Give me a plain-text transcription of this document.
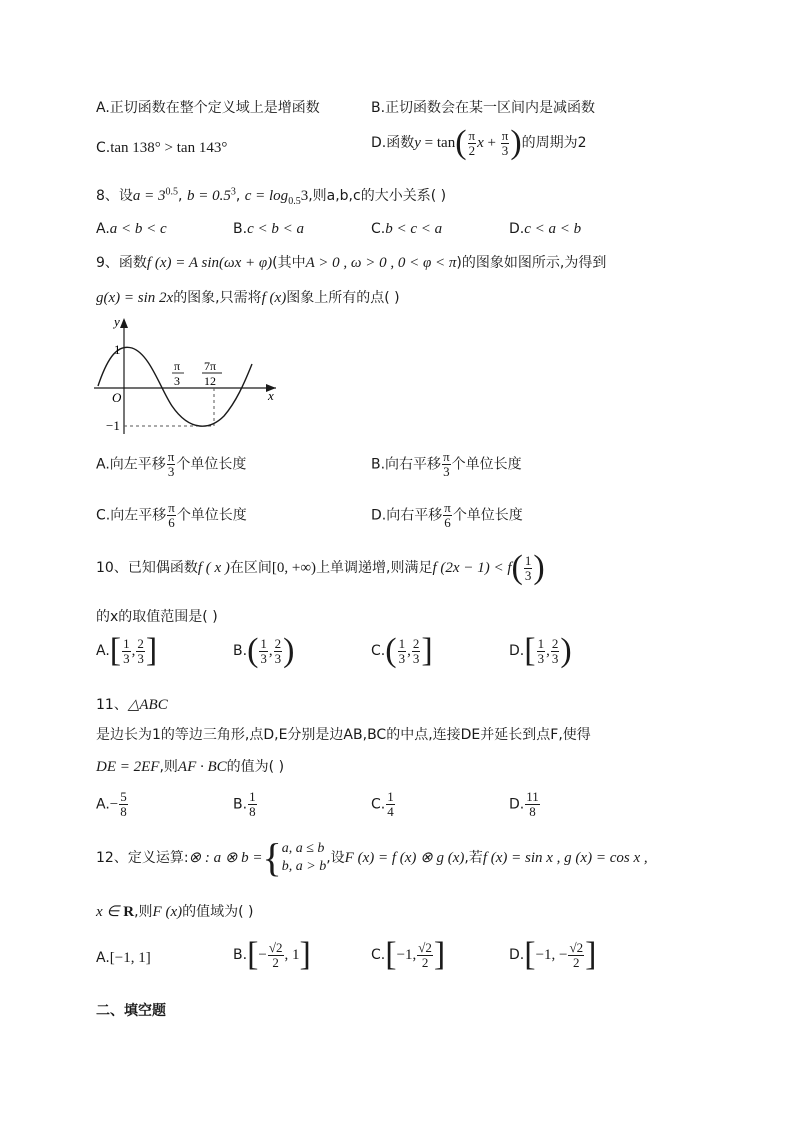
A.正切函数在整个定义域上是增函数	B.正切函数会在某一区间内是减函数
C.tan 138° > tan 143°	D.函数$y = \tan( \frac{\pi}{2}$ $x + \frac{\pi}{3}$ )的周期为2
8、设$a = 3^{0.5}$, $b = 0.5^3$, $c = \log_{0.5}3$,则a,b,c的大小关系( )
A.a < b < c	B.c < b < a	C.b < c < a	D.c < a < b
9、函数f (x) = A sin(ωx + φ)(其中A > 0 , ω > 0 , 0 < φ < π)的图象如图所示,为得到
g(x) = sin 2x的图象,只需将f (x)图象上所有的点( )
y
x
O
1
−1
π
3
7π
12
A.向左平移 $\frac{\pi}{3}$ 个单位长度	B.向右平移 $\frac{\pi}{3}$ 个单位长度
C.向左平移 $\frac{\pi}{6}$ 个单位长度	D.向右平移 $\frac{\pi}{6}$ 个单位长度
10、已知偶函数f ( x )在区间[0, +∞)上单调递增,则满足f $(2x - 1) < f( \frac{1}{3}$ )
的x的取值范围是( )
$A.[ \frac{1}{3}$ , $\frac{2}{3}$ ]	$B.( \frac{1}{3}$ , $\frac{2}{3}$ )	$C.( \frac{1}{3}$ , $\frac{2}{3}$ ]	$D.[ \frac{1}{3}$ , $\frac{2}{3}$ )
11、△ABC
是边长为1的等边三角形,点D,E分别是边AB,BC的中点,连接DE并延长到点F,使得
DE = 2EF,则AF · BC的值为( )
$A.- \frac{5}{8}$	B. $\frac{1}{8}$	C. $\frac{1}{4}$	D. $\frac{11}{8}$
12、定义运算:⊗ : a ⊗ b ={ a, a ≤ b
b, a > b
,设F (x) = f (x) ⊗ g (x),若f (x) = sin x , g (x) = cos x ,
x ∈ R,则F (x)的值域为( )
A.[−1, 1]	$B.[- \frac{√2}{2}$ , 1]	C.[−1, $\frac{√2}{2}$ ]	D.[−1, − $\frac{√2}{2}$ ]
二、填空题
